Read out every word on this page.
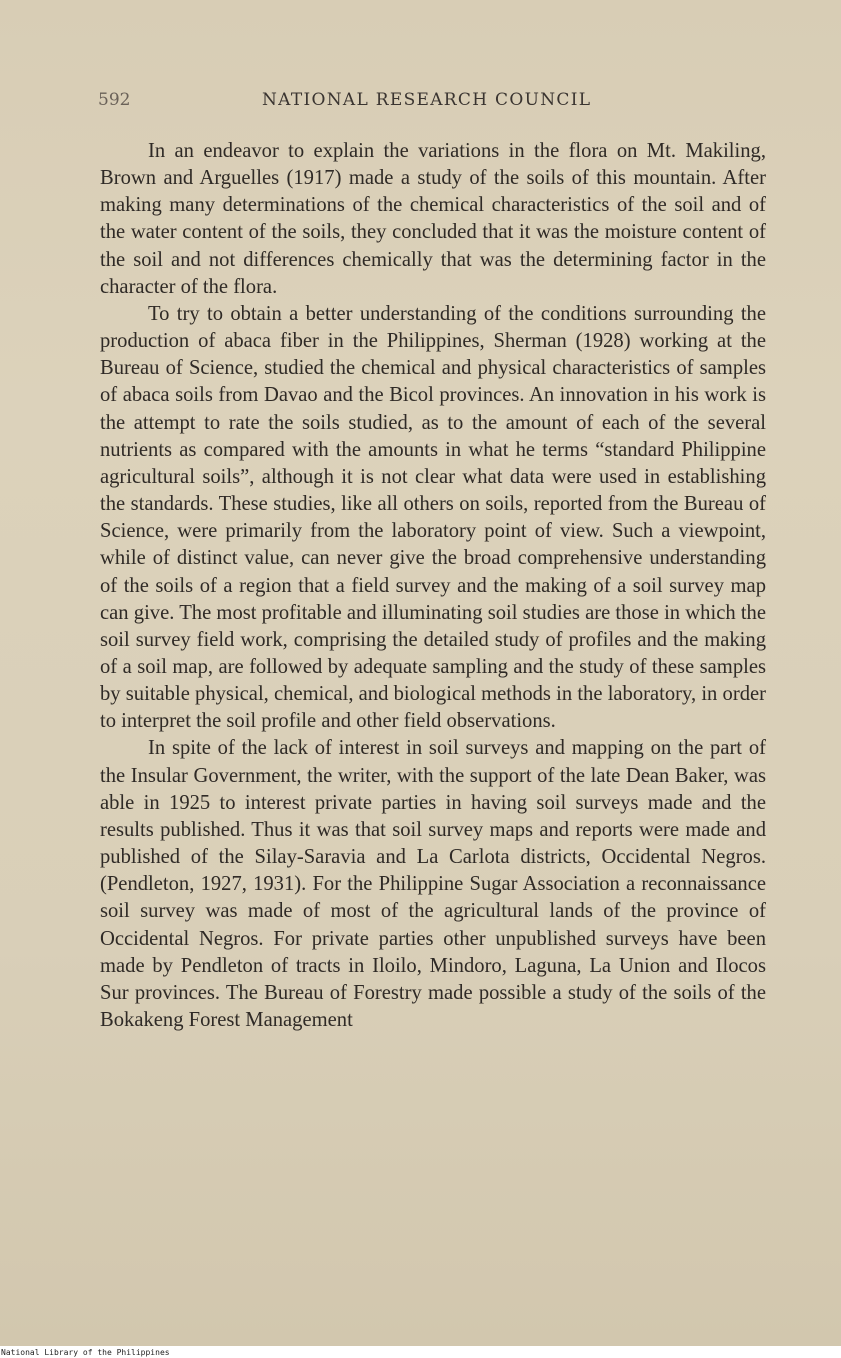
592	NATIONAL RESEARCH COUNCIL

In an endeavor to explain the variations in the flora on Mt. Makiling, Brown and Arguelles (1917) made a study of the soils of this mountain. After making many determinations of the chemical characteristics of the soil and of the water content of the soils, they concluded that it was the moisture content of the soil and not differences chemically that was the determining factor in the character of the flora.

To try to obtain a better understanding of the conditions surrounding the production of abaca fiber in the Philippines, Sherman (1928) working at the Bureau of Science, studied the chemical and physical characteristics of samples of abaca soils from Davao and the Bicol provinces. An innovation in his work is the attempt to rate the soils studied, as to the amount of each of the several nutrients as compared with the amounts in what he terms “standard Philippine agricultural soils”, although it is not clear what data were used in establishing the standards. These studies, like all others on soils, reported from the Bureau of Science, were primarily from the laboratory point of view. Such a viewpoint, while of distinct value, can never give the broad comprehensive understanding of the soils of a region that a field survey and the making of a soil survey map can give. The most profitable and illuminating soil studies are those in which the soil survey field work, comprising the detailed study of profiles and the making of a soil map, are followed by adequate sampling and the study of these samples by suitable physical, chemical, and biological methods in the laboratory, in order to interpret the soil profile and other field observations.

In spite of the lack of interest in soil surveys and mapping on the part of the Insular Government, the writer, with the support of the late Dean Baker, was able in 1925 to interest private parties in having soil surveys made and the results published. Thus it was that soil survey maps and reports were made and published of the Silay-Saravia and La Carlota districts, Occidental Negros. (Pendleton, 1927, 1931). For the Philippine Sugar Association a reconnaissance soil survey was made of most of the agricultural lands of the province of Occidental Negros. For private parties other unpublished surveys have been made by Pendleton of tracts in Iloilo, Mindoro, Laguna, La Union and Ilocos Sur provinces. The Bureau of Forestry made possible a study of the soils of the Bokakeng Forest Management

National Library of the Philippines
